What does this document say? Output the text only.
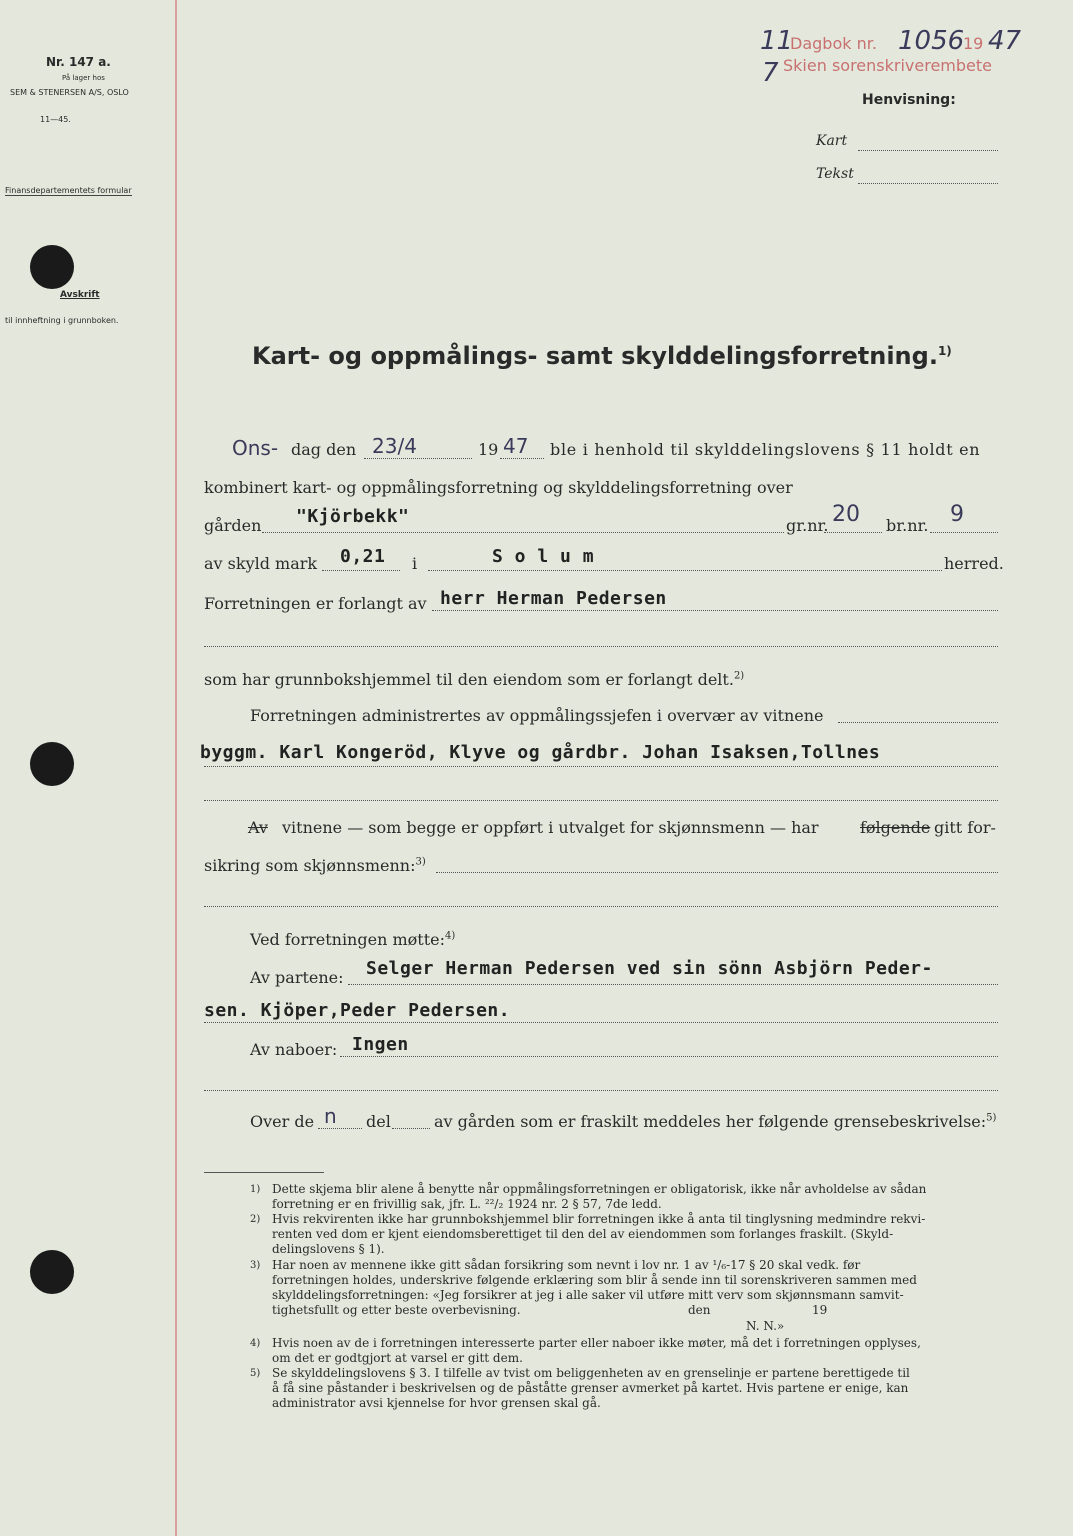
Nr. 147 a.
På lager hos
SEM & STENERSEN A/S, OSLO
11—45.
Finansdepartementets formular
Avskrift
til innheftning i grunnboken.
11
7
Dagbok nr. 1056
19 47
Skien sorenskriverembete
Henvisning:
Kart
Tekst
Kart- og oppmålings- samt skylddelingsforretning.$^{1)}$
Ons- dag den 23/4	19 47 ble i henhold til skylddelingslovens § 11 holdt en
kombinert kart- og oppmålingsforretning og skylddelingsforretning over
gården "Kjörbekk"	gr.nr. 20 br.nr. 9
av skyld mark 0,21 i	S o l u m	herred.
Forretningen er forlangt av herr Herman Pedersen
som har grunnbokshjemmel til den eiendom som er forlangt delt.$^{2)}$
Forretningen administrertes av oppmålingssjefen i overvær av vitnene
byggm. Karl Kongeröd, Klyve og gårdbr. Johan Isaksen,Tollnes
Av vitnene — som begge er oppført i utvalget for skjønnsmenn — har	følgende gitt for-
sikring som skjønnsmenn:$^{3)}$
Ved forretningen møtte:$^{4)}$
Av partene: Selger Herman Pedersen ved sin sönn Asbjörn Peder-
sen. Kjöper,Peder Pedersen.
Av naboer: Ingen
Over de n del	av gården som er fraskilt meddeles her følgende grensebeskrivelse:$^{5)}$
1) Dette skjema blir alene å benytte når oppmålingsforretningen er obligatorisk, ikke når avholdelse av sådan
forretning er en frivillig sak, jfr. L. ²²/₂ 1924 nr. 2 § 57, 7de ledd.
2) Hvis rekvirenten ikke har grunnbokshjemmel blir forretningen ikke å anta til tinglysning medmindre rekvi-
renten ved dom er kjent eiendomsberettiget til den del av eiendommen som forlanges fraskilt. (Skyld-
delingslovens § 1).
3) Har noen av mennene ikke gitt sådan forsikring som nevnt i lov nr. 1 av ¹/₆-17 § 20 skal vedk. før
forretningen holdes, underskrive følgende erklæring som blir å sende inn til sorenskriveren sammen med
skylddelingsforretningen: «Jeg forsikrer at jeg i alle saker vil utføre mitt verv som skjønnsmann samvit-
tighetsfullt og etter beste overbevisning.	den	19
N. N.»
4) Hvis noen av de i forretningen interesserte parter eller naboer ikke møter, må det i forretningen opplyses,
om det er godtgjort at varsel er gitt dem.
5) Se skylddelingslovens § 3. I tilfelle av tvist om beliggenheten av en grenselinje er partene berettigede til
å få sine påstander i beskrivelsen og de påståtte grenser avmerket på kartet. Hvis partene er enige, kan
administrator avsi kjennelse for hvor grensen skal gå.
